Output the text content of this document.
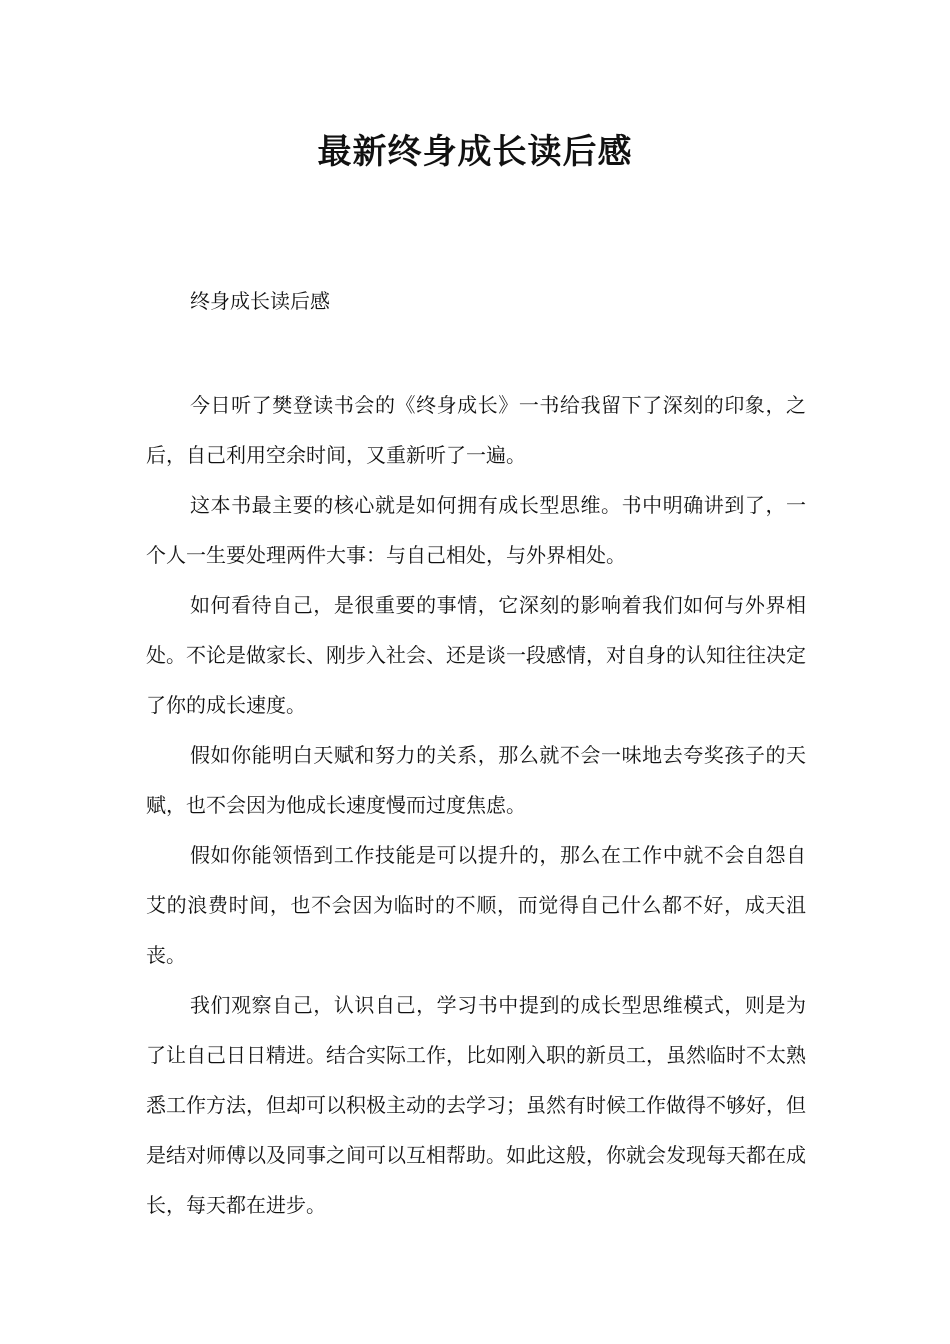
最新终身成长读后感

终身成长读后感

今日听了樊登读书会的《终身成长》一书给我留下了深刻的印象，之后，自己利用空余时间，又重新听了一遍。

这本书最主要的核心就是如何拥有成长型思维。书中明确讲到了，一个人一生要处理两件大事：与自己相处，与外界相处。

如何看待自己，是很重要的事情，它深刻的影响着我们如何与外界相处。不论是做家长、刚步入社会、还是谈一段感情，对自身的认知往往决定了你的成长速度。

假如你能明白天赋和努力的关系，那么就不会一味地去夸奖孩子的天赋，也不会因为他成长速度慢而过度焦虑。

假如你能领悟到工作技能是可以提升的，那么在工作中就不会自怨自艾的浪费时间，也不会因为临时的不顺，而觉得自己什么都不好，成天沮丧。

我们观察自己，认识自己，学习书中提到的成长型思维模式，则是为了让自己日日精进。结合实际工作，比如刚入职的新员工，虽然临时不太熟悉工作方法，但却可以积极主动的去学习；虽然有时候工作做得不够好，但是结对师傅以及同事之间可以互相帮助。如此这般，你就会发现每天都在成长，每天都在进步。
